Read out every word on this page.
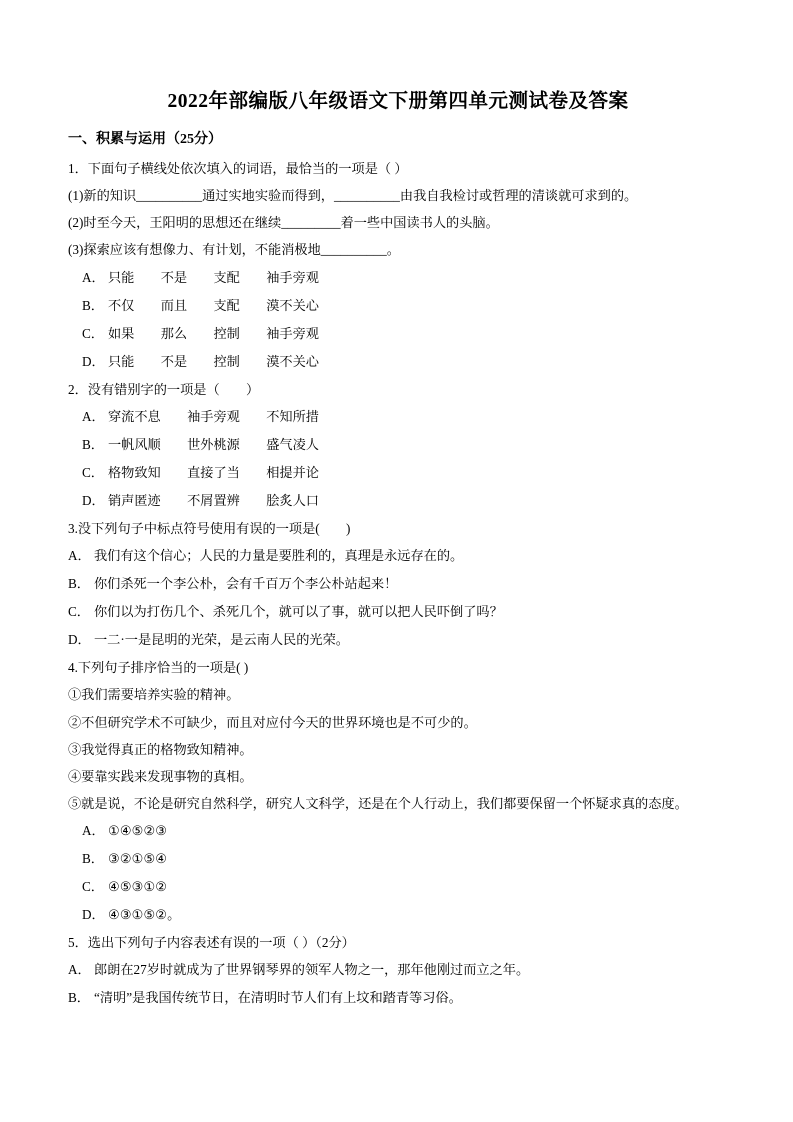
2022年部编版八年级语文下册第四单元测试卷及答案
一、积累与运用（25分）
1．下面句子横线处依次填入的词语，最恰当的一项是（ ）
(1)新的知识__________通过实地实验而得到，__________由我自我检讨或哲理的清谈就可求到的。
(2)时至今天，王阳明的思想还在继续_________着一些中国读书人的头脑。
(3)探索应该有想像力、有计划，不能消极地__________。
A． 只能　　不是　　支配　　袖手旁观
B． 不仅　　而且　　支配　　漠不关心
C． 如果　　那么　　控制　　袖手旁观
D． 只能　　不是　　控制　　漠不关心
2．没有错别字的一项是（　　）
A． 穿流不息　　袖手旁观　　不知所措
B． 一帆风顺　　世外桃源　　盛气凌人
C． 格物致知　　直接了当　　相提并论
D． 销声匿迹　　不屑置辨　　脍炙人口
3.没下列句子中标点符号使用有误的一项是(　　)
A． 我们有这个信心；人民的力量是要胜利的，真理是永远存在的。
B． 你们杀死一个李公朴，会有千百万个李公朴站起来！
C． 你们以为打伤几个、杀死几个，就可以了事，就可以把人民吓倒了吗？
D． 一二·一是昆明的光荣，是云南人民的光荣。
4.下列句子排序恰当的一项是( )
①我们需要培养实验的精神。
②不但研究学术不可缺少，而且对应付今天的世界环境也是不可少的。
③我觉得真正的格物致知精神。
④要靠实践来发现事物的真相。
⑤就是说，不论是研究自然科学，研究人文科学，还是在个人行动上，我们都要保留一个怀疑求真的态度。
A． ①④⑤②③
B． ③②①⑤④
C． ④⑤③①②
D． ④③①⑤②。
5．选出下列句子内容表述有误的一项（ ）（2分）
A． 郎朗在27岁时就成为了世界钢琴界的领军人物之一，那年他刚过而立之年。
B． “清明”是我国传统节日，在清明时节人们有上坟和踏青等习俗。
